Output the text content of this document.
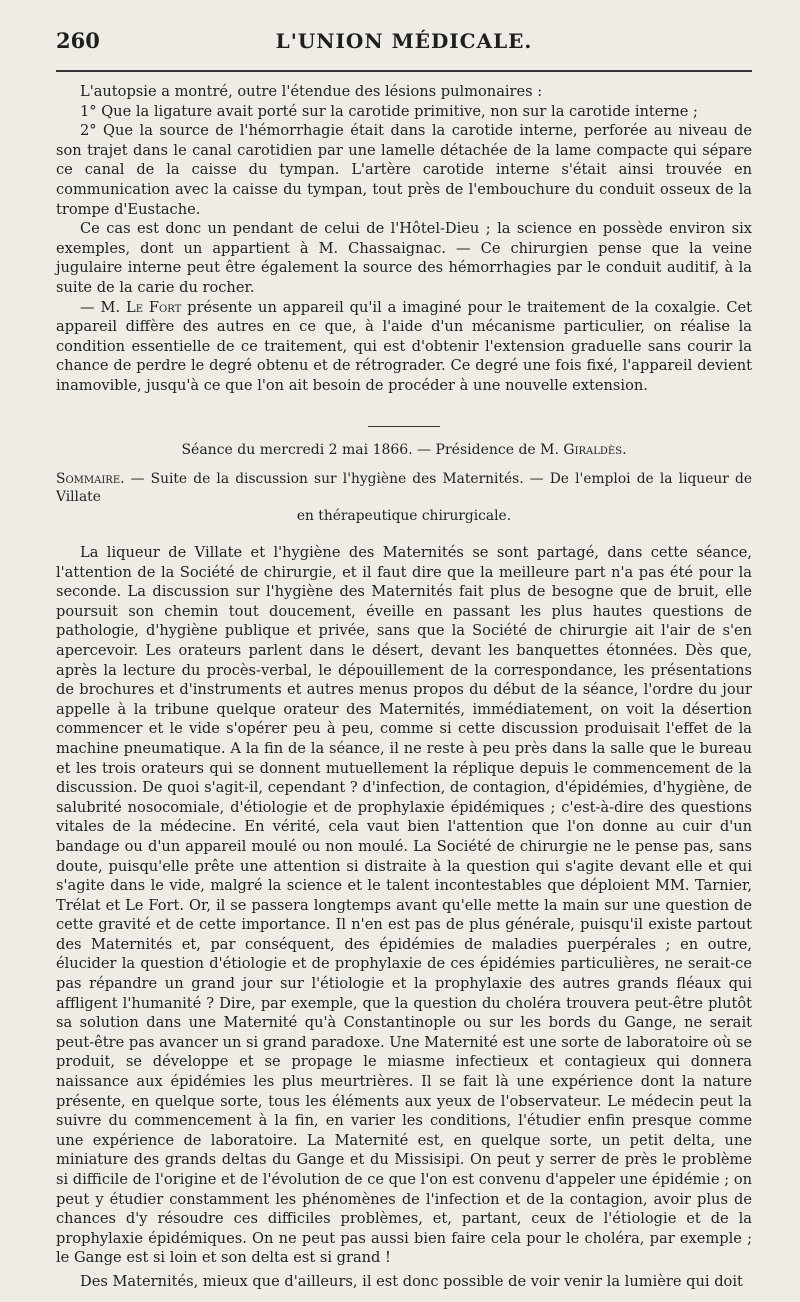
260	L'UNION MÉDICALE.

L'autopsie a montré, outre l'étendue des lésions pulmonaires :

1° Que la ligature avait porté sur la carotide primitive, non sur la carotide interne ;

2° Que la source de l'hémorrhagie était dans la carotide interne, perforée au niveau de son trajet dans le canal carotidien par une lamelle détachée de la lame compacte qui sépare ce canal de la caisse du tympan. L'artère carotide interne s'était ainsi trouvée en communication avec la caisse du tympan, tout près de l'embouchure du conduit osseux de la trompe d'Eustache.

Ce cas est donc un pendant de celui de l'Hôtel-Dieu ; la science en possède environ six exemples, dont un appartient à M. Chassaignac. — Ce chirurgien pense que la veine jugulaire interne peut être également la source des hémorrhagies par le conduit auditif, à la suite de la carie du rocher.

— M. Le Fort présente un appareil qu'il a imaginé pour le traitement de la coxalgie. Cet appareil diffère des autres en ce que, à l'aide d'un mécanisme particulier, on réalise la condition essentielle de ce traitement, qui est d'obtenir l'extension graduelle sans courir la chance de perdre le degré obtenu et de rétrograder. Ce degré une fois fixé, l'appareil devient inamovible, jusqu'à ce que l'on ait besoin de procéder à une nouvelle extension.

Séance du mercredi 2 mai 1866. — Présidence de M. Giraldès.
Sommaire. — Suite de la discussion sur l'hygiène des Maternités. — De l'emploi de la liqueur de Villate
en thérapeutique chirurgicale.

La liqueur de Villate et l'hygiène des Maternités se sont partagé, dans cette séance, l'attention de la Société de chirurgie, et il faut dire que la meilleure part n'a pas été pour la seconde. La discussion sur l'hygiène des Maternités fait plus de besogne que de bruit, elle poursuit son chemin tout doucement, éveille en passant les plus hautes questions de pathologie, d'hygiène publique et privée, sans que la Société de chirurgie ait l'air de s'en apercevoir. Les orateurs parlent dans le désert, devant les banquettes étonnées. Dès que, après la lecture du procès-verbal, le dépouillement de la correspondance, les présentations de brochures et d'instruments et autres menus propos du début de la séance, l'ordre du jour appelle à la tribune quelque orateur des Maternités, immédiatement, on voit la désertion commencer et le vide s'opérer peu à peu, comme si cette discussion produisait l'effet de la machine pneumatique. A la fin de la séance, il ne reste à peu près dans la salle que le bureau et les trois orateurs qui se donnent mutuellement la réplique depuis le commencement de la discussion. De quoi s'agit-il, cependant ? d'infection, de contagion, d'épidémies, d'hygiène, de salubrité nosocomiale, d'étiologie et de prophylaxie épidémiques ; c'est-à-dire des questions vitales de la médecine. En vérité, cela vaut bien l'attention que l'on donne au cuir d'un bandage ou d'un appareil moulé ou non moulé. La Société de chirurgie ne le pense pas, sans doute, puisqu'elle prête une attention si distraite à la question qui s'agite devant elle et qui s'agite dans le vide, malgré la science et le talent incontestables que déploient MM. Tarnier, Trélat et Le Fort. Or, il se passera longtemps avant qu'elle mette la main sur une question de cette gravité et de cette importance. Il n'en est pas de plus générale, puisqu'il existe partout des Maternités et, par conséquent, des épidémies de maladies puerpérales ; en outre, élucider la question d'étiologie et de prophylaxie de ces épidémies particulières, ne serait-ce pas répandre un grand jour sur l'étiologie et la prophylaxie des autres grands fléaux qui affligent l'humanité ? Dire, par exemple, que la question du choléra trouvera peut-être plutôt sa solution dans une Maternité qu'à Constantinople ou sur les bords du Gange, ne serait peut-être pas avancer un si grand paradoxe. Une Maternité est une sorte de laboratoire où se produit, se développe et se propage le miasme infectieux et contagieux qui donnera naissance aux épidémies les plus meurtrières. Il se fait là une expérience dont la nature présente, en quelque sorte, tous les éléments aux yeux de l'observateur. Le médecin peut la suivre du commencement à la fin, en varier les conditions, l'étudier enfin presque comme une expérience de laboratoire. La Maternité est, en quelque sorte, un petit delta, une miniature des grands deltas du Gange et du Missisipi. On peut y serrer de près le problème si difficile de l'origine et de l'évolution de ce que l'on est convenu d'appeler une épidémie ; on peut y étudier constamment les phénomènes de l'infection et de la contagion, avoir plus de chances d'y résoudre ces difficiles problèmes, et, partant, ceux de l'étiologie et de la prophylaxie épidémiques. On ne peut pas aussi bien faire cela pour le choléra, par exemple ; le Gange est si loin et son delta est si grand !

Des Maternités, mieux que d'ailleurs, il est donc possible de voir venir la lumière qui doit
